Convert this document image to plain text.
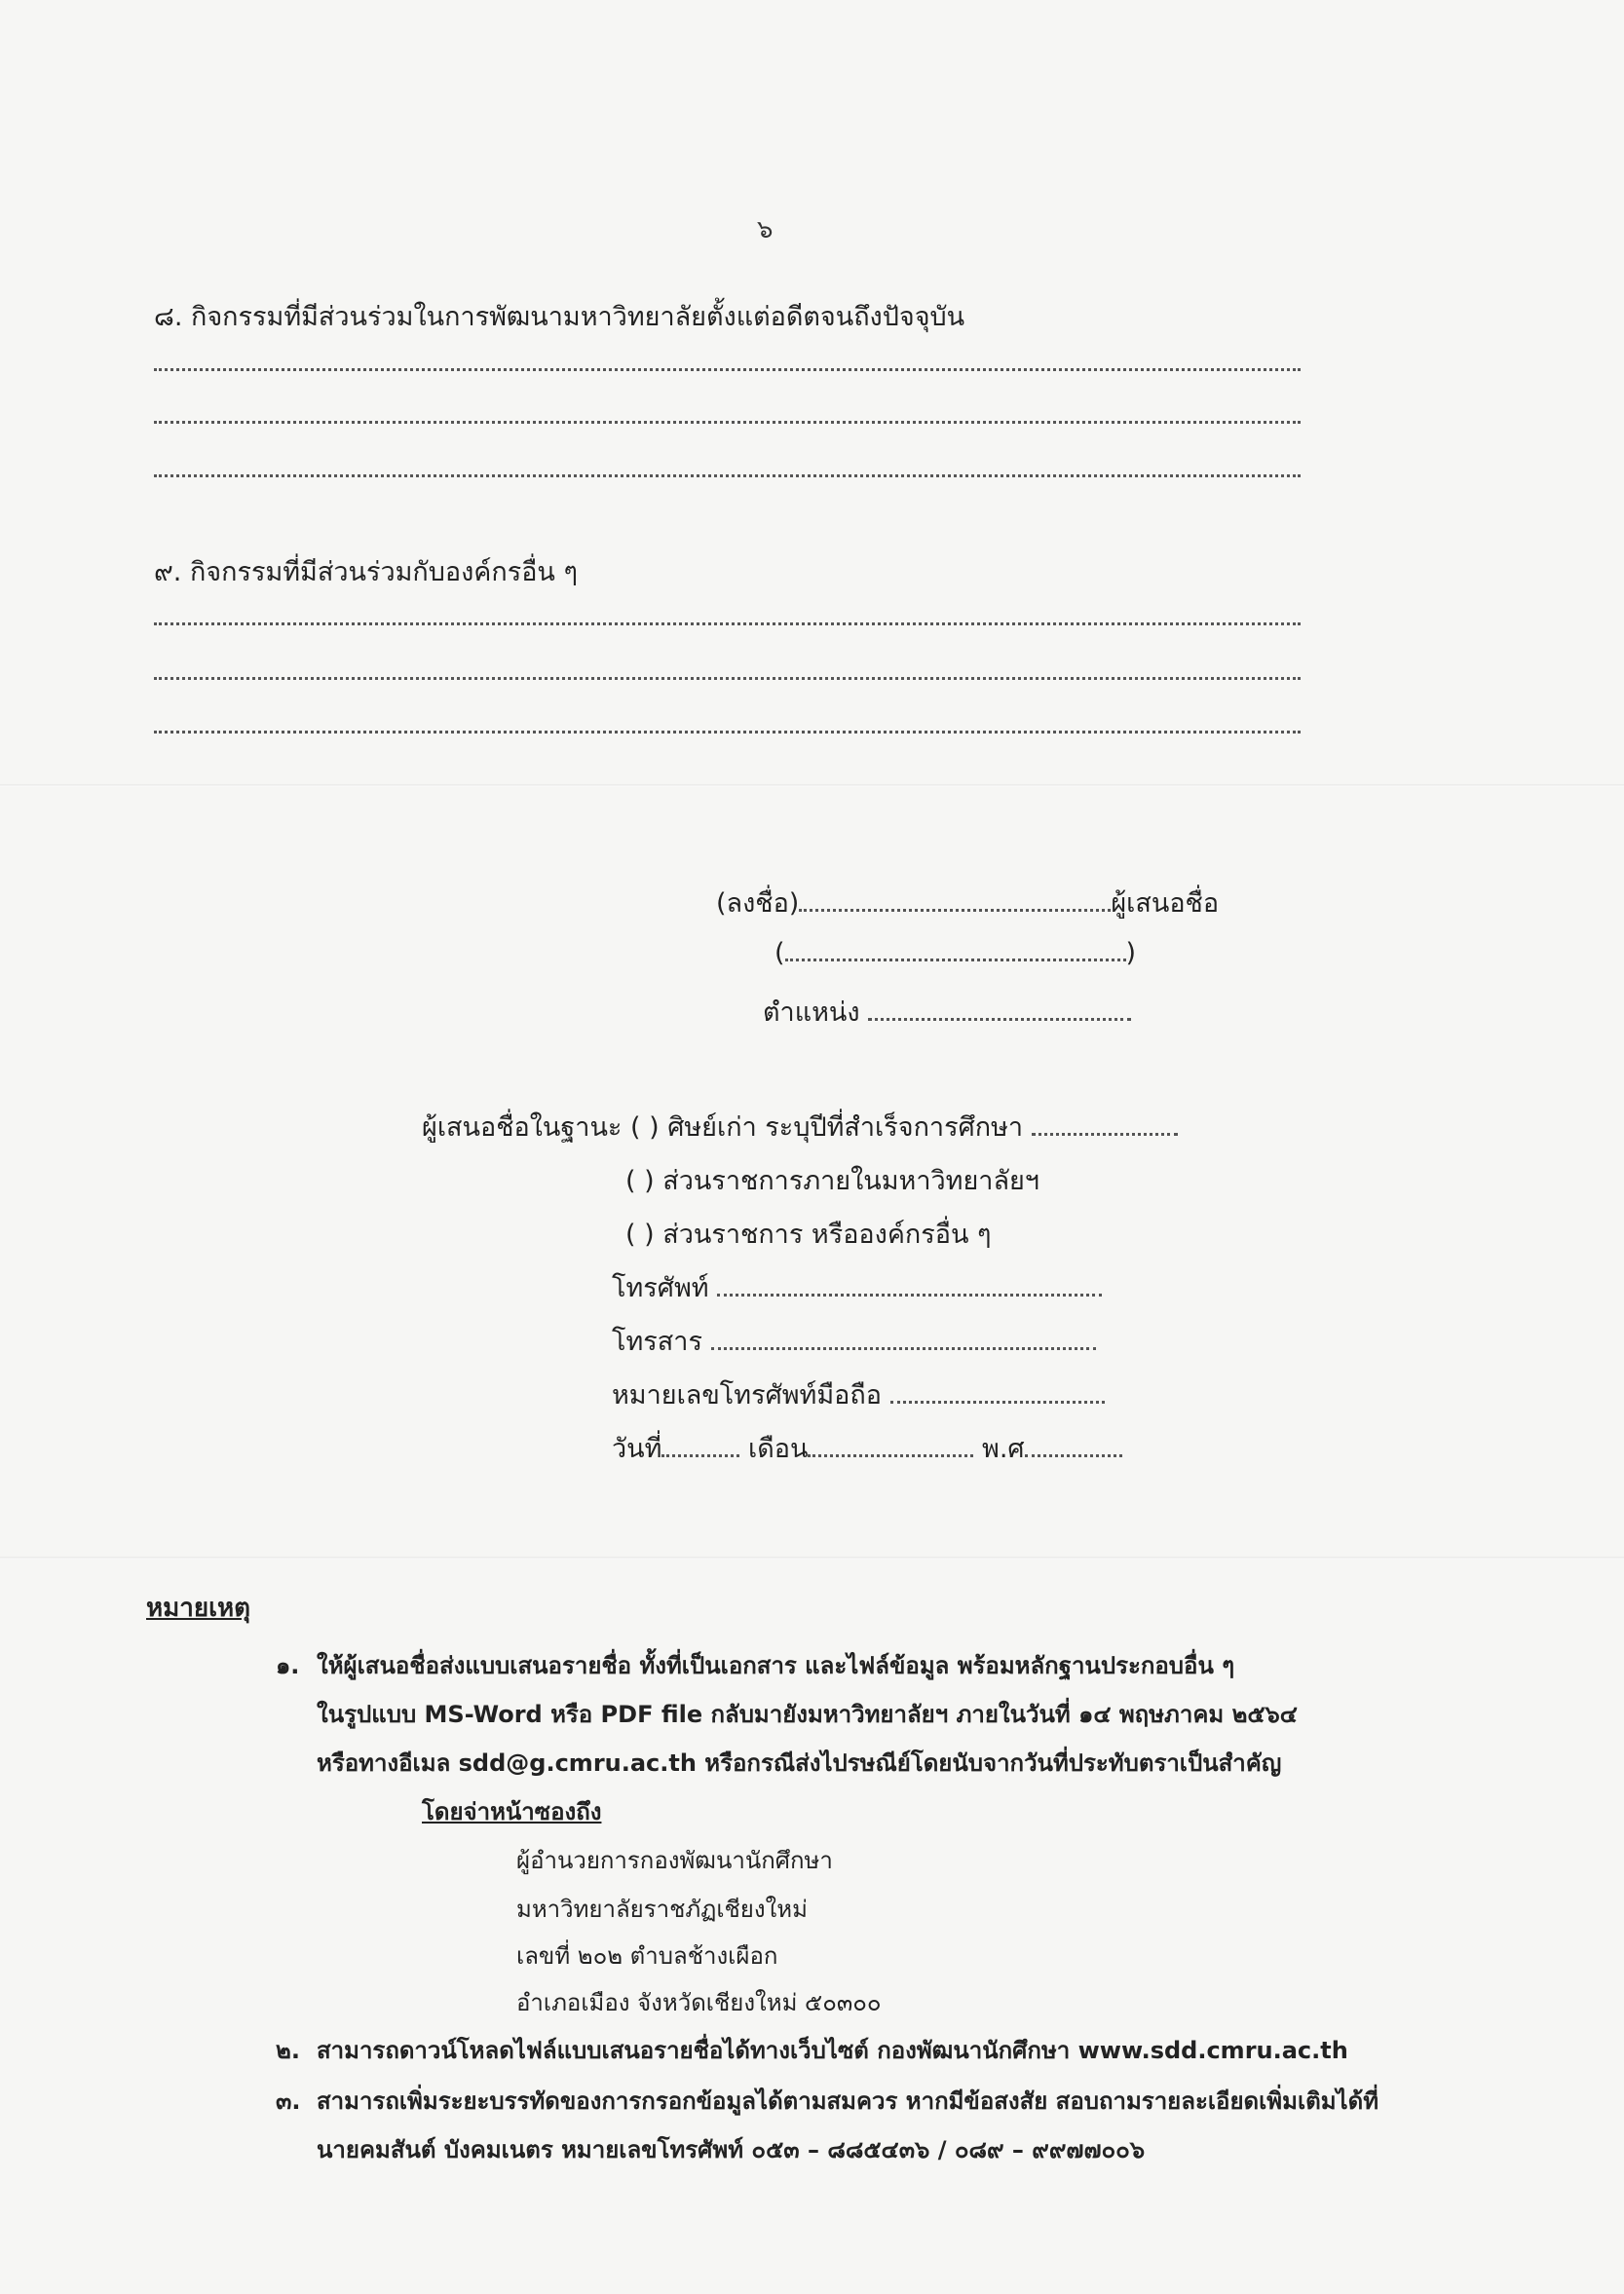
๖
๘. กิจกรรมที่มีส่วนร่วมในการพัฒนามหาวิทยาลัยตั้งแต่อดีตจนถึงปัจจุบัน
๙. กิจกรรมที่มีส่วนร่วมกับองค์กรอื่น ๆ
(ลงชื่อ)	ผู้เสนอชื่อ
(	)
ตำแหน่ง
ผู้เสนอชื่อในฐานะ ( ) ศิษย์เก่า ระบุปีที่สำเร็จการศึกษา
( ) ส่วนราชการภายในมหาวิทยาลัยฯ
( ) ส่วนราชการ หรือองค์กรอื่น ๆ
โทรศัพท์
โทรสาร
หมายเลขโทรศัพท์มือถือ
วันที่	เดือน	พ.ศ
หมายเหตุ
๑. ให้ผู้เสนอชื่อส่งแบบเสนอรายชื่อ ทั้งที่เป็นเอกสาร และไฟล์ข้อมูล พร้อมหลักฐานประกอบอื่น ๆ
ในรูปแบบ MS-Word หรือ PDF file กลับมายังมหาวิทยาลัยฯ ภายในวันที่ ๑๔ พฤษภาคม ๒๕๖๔
หรือทางอีเมล sdd@g.cmru.ac.th หรือกรณีส่งไปรษณีย์โดยนับจากวันที่ประทับตราเป็นสำคัญ
โดยจ่าหน้าซองถึง
ผู้อำนวยการกองพัฒนานักศึกษา
มหาวิทยาลัยราชภัฏเชียงใหม่
เลขที่ ๒๐๒ ตำบลช้างเผือก
อำเภอเมือง จังหวัดเชียงใหม่ ๕๐๓๐๐
๒. สามารถดาวน์โหลดไฟล์แบบเสนอรายชื่อได้ทางเว็บไซต์ กองพัฒนานักศึกษา www.sdd.cmru.ac.th
๓. สามารถเพิ่มระยะบรรทัดของการกรอกข้อมูลได้ตามสมควร หากมีข้อสงสัย สอบถามรายละเอียดเพิ่มเติมได้ที่
นายคมสันต์ บังคมเนตร หมายเลขโทรศัพท์ ๐๕๓ – ๘๘๕๔๓๖ / ๐๘๙ – ๙๙๗๗๐๐๖
